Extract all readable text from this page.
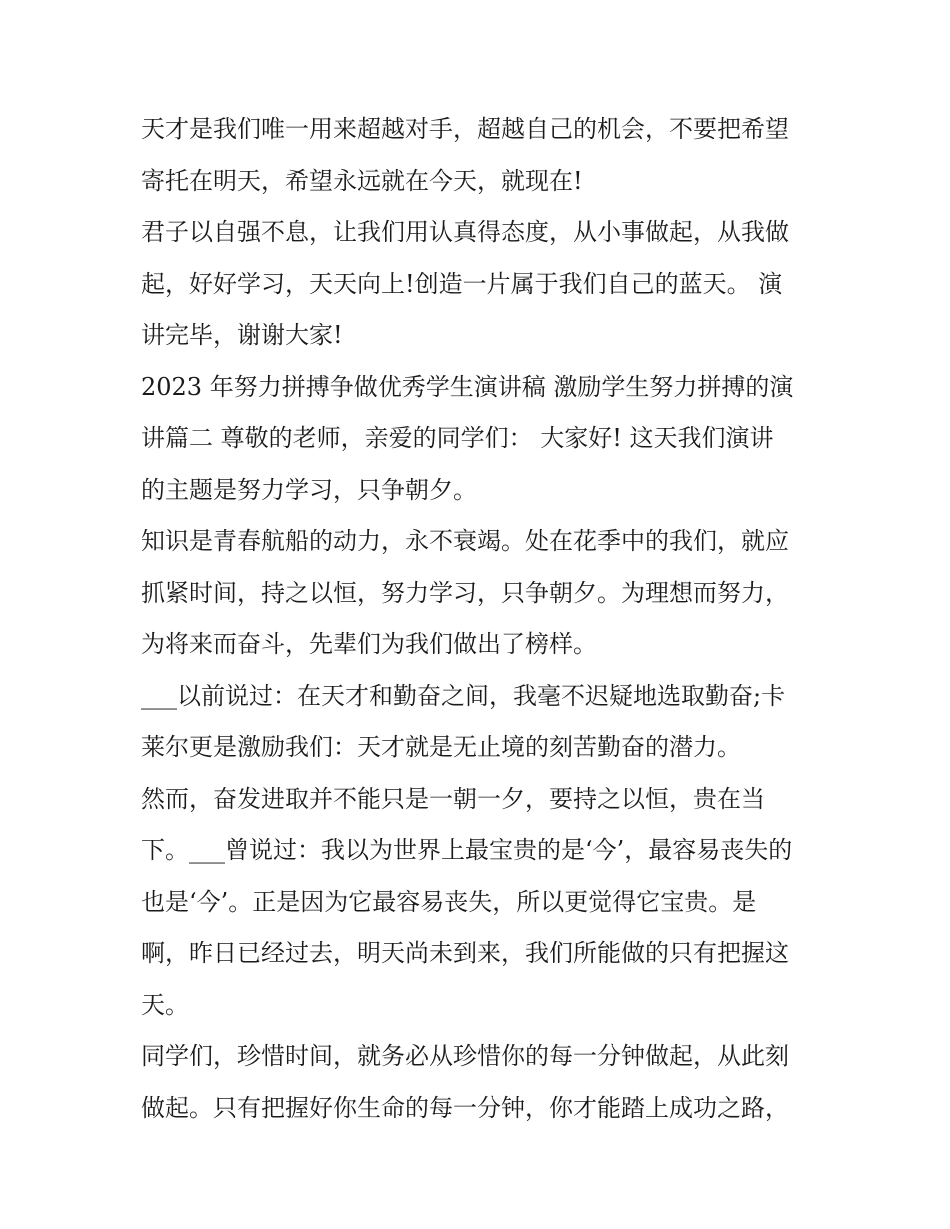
天才是我们唯一用来超越对手，超越自己的机会，不要把希望
寄托在明天，希望永远就在今天，就现在!
君子以自强不息，让我们用认真得态度，从小事做起，从我做
起，好好学习，天天向上!创造一片属于我们自己的蓝天。 演
讲完毕，谢谢大家!
2023 年努力拼搏争做优秀学生演讲稿 激励学生努力拼搏的演
讲篇二 尊敬的老师，亲爱的同学们： 大家好! 这天我们演讲
的主题是努力学习，只争朝夕。
知识是青春航船的动力，永不衰竭。处在花季中的我们，就应
抓紧时间，持之以恒，努力学习，只争朝夕。为理想而努力，
为将来而奋斗，先辈们为我们做出了榜样。
___以前说过：在天才和勤奋之间，我毫不迟疑地选取勤奋;卡
莱尔更是激励我们：天才就是无止境的刻苦勤奋的潜力。
然而，奋发进取并不能只是一朝一夕，要持之以恒，贵在当
下。___曾说过：我以为世界上最宝贵的是‘今’，最容易丧失的
也是‘今’。正是因为它最容易丧失，所以更觉得它宝贵。是
啊，昨日已经过去，明天尚未到来，我们所能做的只有把握这
天。
同学们，珍惜时间，就务必从珍惜你的每一分钟做起，从此刻
做起。只有把握好你生命的每一分钟，你才能踏上成功之路，
